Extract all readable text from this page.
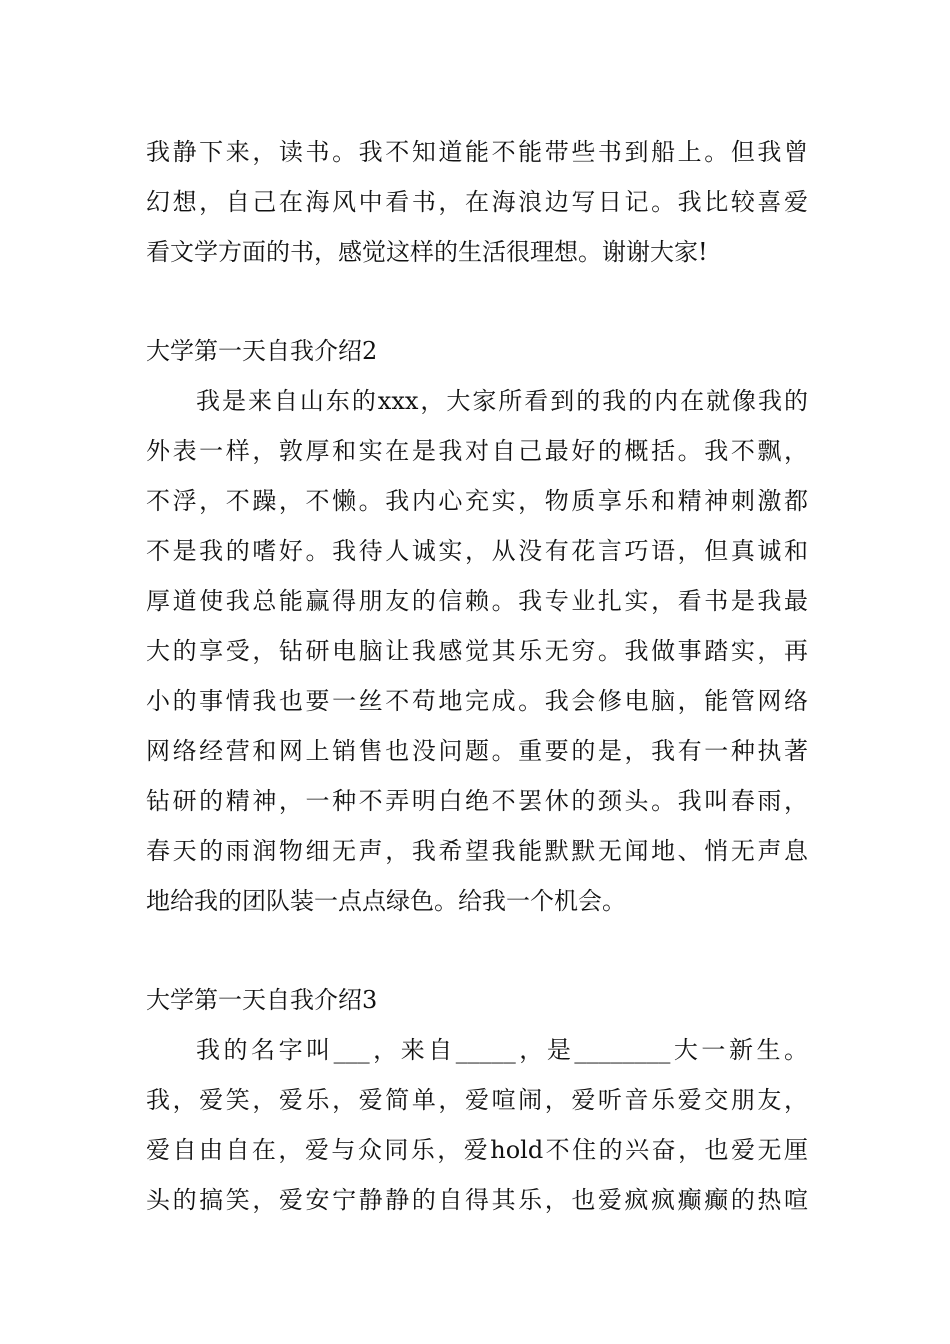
我静下来，读书。我不知道能不能带些书到船上。但我曾
幻想，自己在海风中看书，在海浪边写日记。我比较喜爱
看文学方面的书，感觉这样的生活很理想。谢谢大家!
大学第一天自我介绍2
我是来自山东的xxx，大家所看到的我的内在就像我的
外表一样，敦厚和实在是我对自己最好的概括。我不飘，
不浮，不躁，不懒。我内心充实，物质享乐和精神刺激都
不是我的嗜好。我待人诚实，从没有花言巧语，但真诚和
厚道使我总能赢得朋友的信赖。我专业扎实，看书是我最
大的享受，钻研电脑让我感觉其乐无穷。我做事踏实，再
小的事情我也要一丝不苟地完成。我会修电脑，能管网络
网络经营和网上销售也没问题。重要的是，我有一种执著
钻研的精神，一种不弄明白绝不罢休的颈头。我叫春雨，
春天的雨润物细无声，我希望我能默默无闻地、悄无声息
地给我的团队装一点点绿色。给我一个机会。
大学第一天自我介绍3
我的名字叫___，来自_____，是________大一新生。
我，爱笑，爱乐，爱简单，爱喧闹，爱听音乐爱交朋友，
爱自由自在，爱与众同乐，爱hold不住的兴奋，也爱无厘
头的搞笑，爱安宁静静的自得其乐，也爱疯疯癫癫的热喧
